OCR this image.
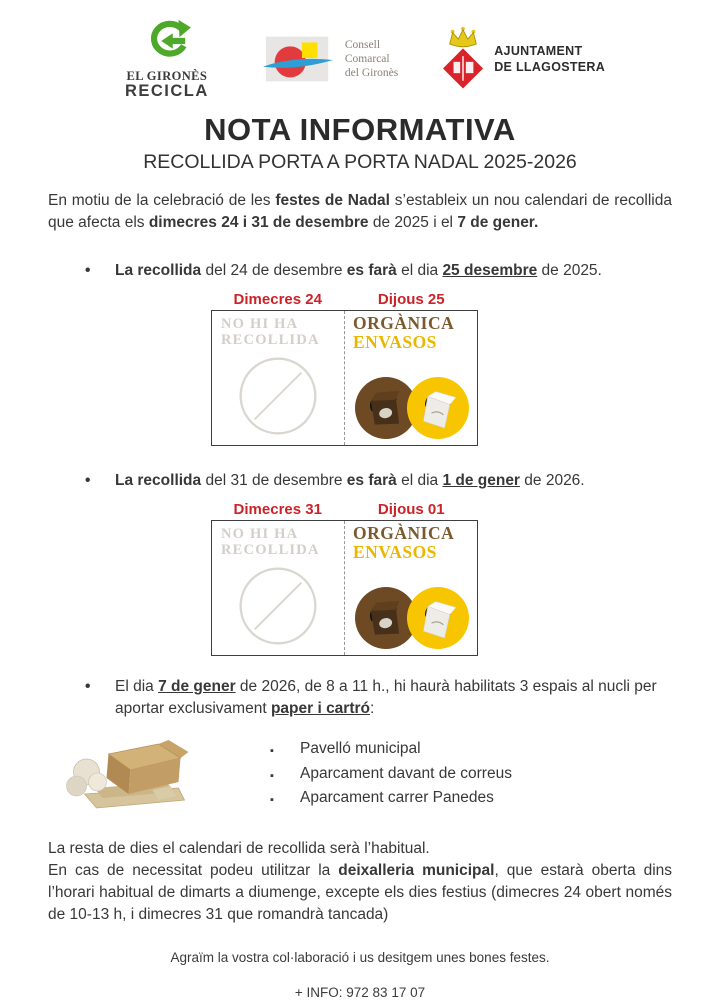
EL GIRONÈS
RECICLA
Consell
Comarcal
del Gironès
AJUNTAMENT
DE LLAGOSTERA
NOTA INFORMATIVA
RECOLLIDA PORTA A PORTA NADAL 2025-2026

En motiu de la celebració de les festes de Nadal s’estableix un nou calendari de recollida que afecta els dimecres 24 i 31 de desembre de 2025 i el 7 de gener.

•
La recollida del 24 de desembre es farà el dia 25 desembre de 2025.
Dimecres 24	Dijous 25
NO HI HA
RECOLLIDA
ORGÀNICA
ENVASOS
•
La recollida del 31 de desembre es farà el dia 1 de gener de 2026.
Dimecres 31	Dijous 01
NO HI HA
RECOLLIDA
ORGÀNICA
ENVASOS
•
El dia 7 de gener de 2026, de 8 a 11 h., hi haurà habilitats 3 espais al nucli per aportar exclusivament paper i cartró:
▪
Pavelló municipal
▪
Aparcament davant de correus
▪
Aparcament carrer Panedes

La resta de dies el calendari de recollida serà l’habitual.

En cas de necessitat podeu utilitzar la deixalleria municipal, que estarà oberta dins l’horari habitual de dimarts a diumenge, excepte els dies festius (dimecres 24 obert només de 10-13 h, i dimecres 31 que romandrà tancada)

Agraïm la vostra col·laboració i us desitgem unes bones festes.

+ INFO: 972 83 17 07
